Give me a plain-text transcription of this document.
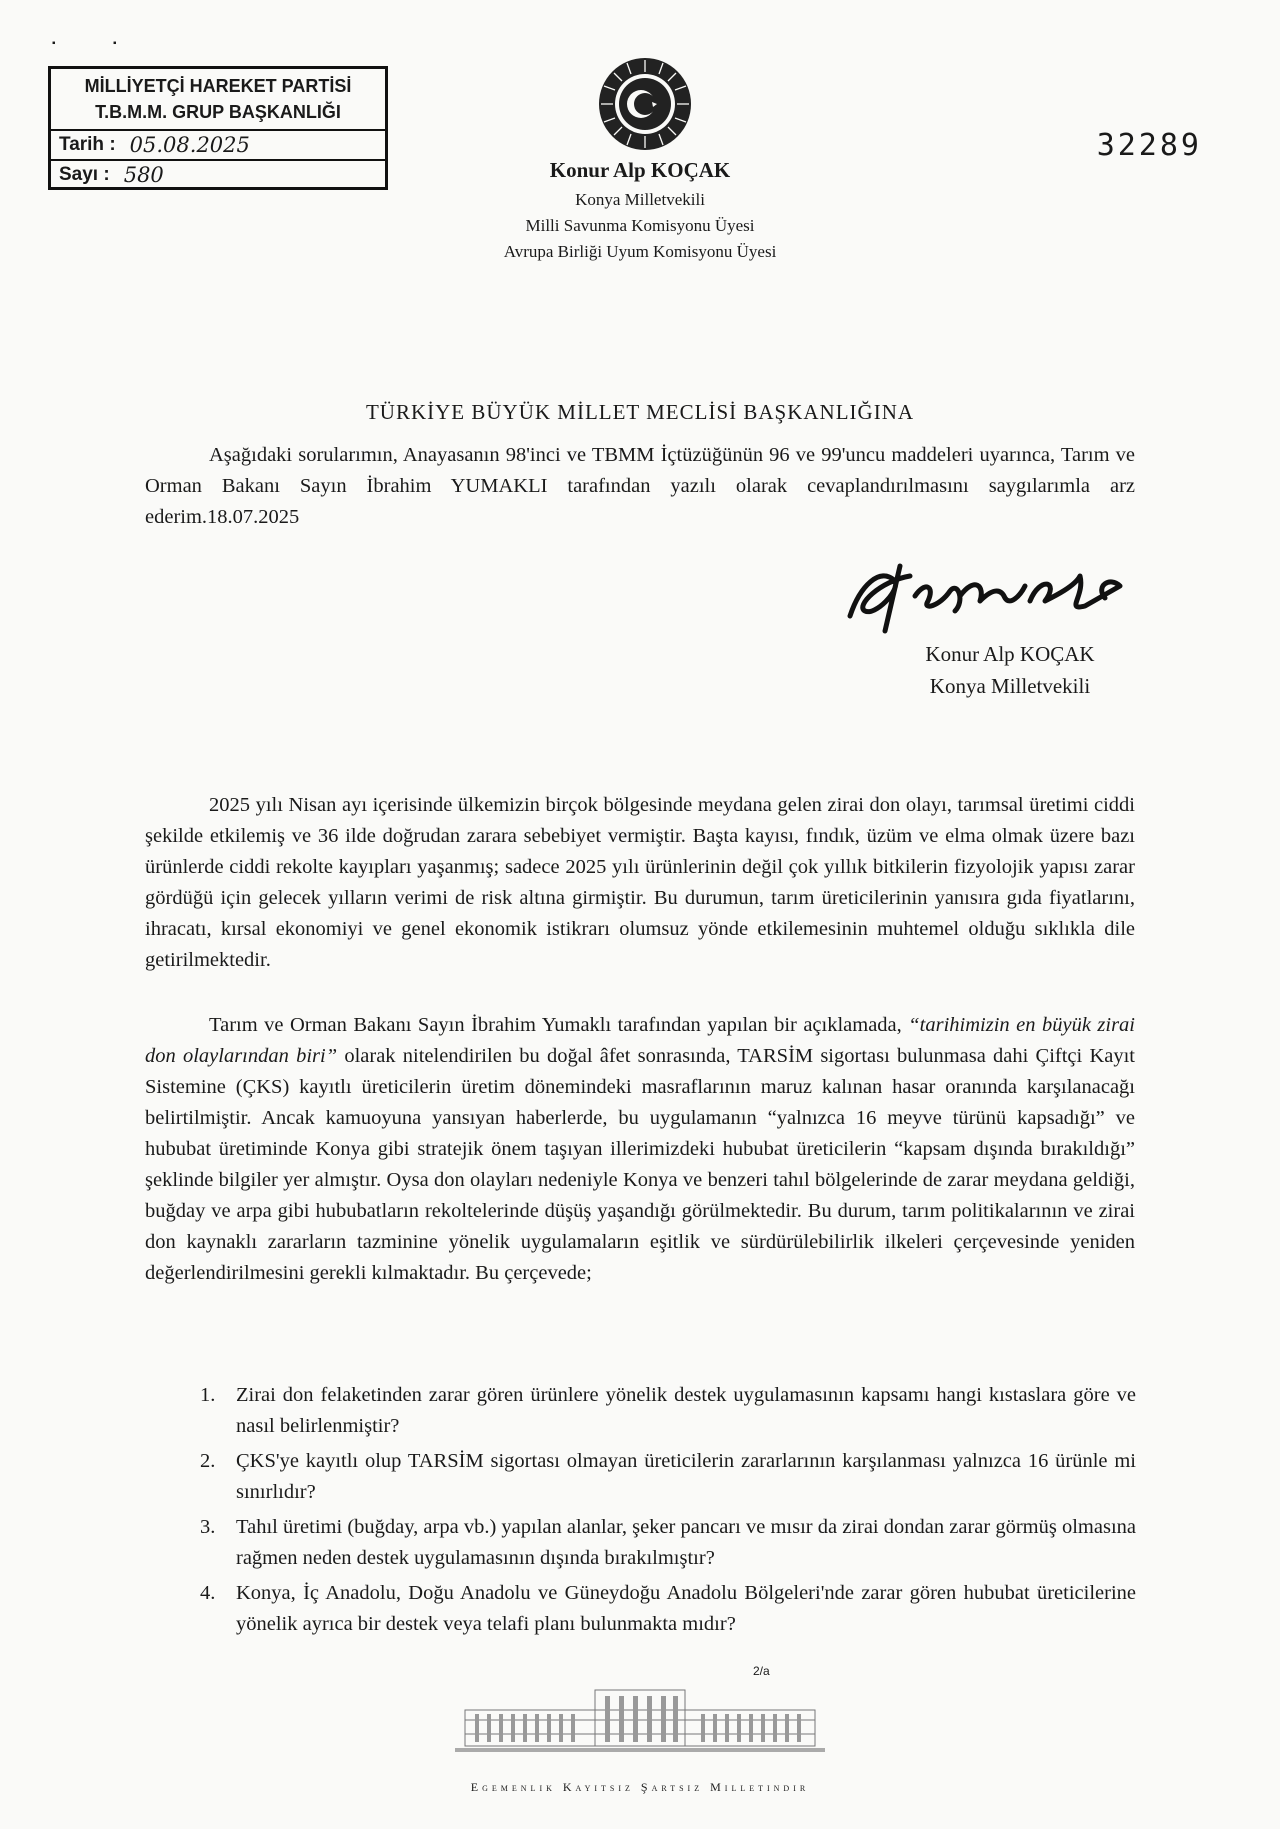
▪                       ▪
MİLLİYETÇİ HAREKET PARTİSİ
T.B.M.M. GRUP BAŞKANLIĞI
Tarih : 05.08.2025
Sayı : 580
32289
Konur Alp KOÇAK
Konya Milletvekili
Milli Savunma Komisyonu Üyesi
Avrupa Birliği Uyum Komisyonu Üyesi
TÜRKİYE BÜYÜK MİLLET MECLİSİ BAŞKANLIĞINA

Aşağıdaki sorularımın, Anayasanın 98'inci ve TBMM İçtüzüğünün 96 ve 99'uncu maddeleri uyarınca, Tarım ve Orman Bakanı Sayın İbrahim YUMAKLI tarafından yazılı olarak cevaplandırılmasını saygılarımla arz ederim.18.07.2025

Konur Alp KOÇAK
Konya Milletvekili

2025 yılı Nisan ayı içerisinde ülkemizin birçok bölgesinde meydana gelen zirai don olayı, tarımsal üretimi ciddi şekilde etkilemiş ve 36 ilde doğrudan zarara sebebiyet vermiştir. Başta kayısı, fındık, üzüm ve elma olmak üzere bazı ürünlerde ciddi rekolte kayıpları yaşanmış; sadece 2025 yılı ürünlerinin değil çok yıllık bitkilerin fizyolojik yapısı zarar gördüğü için gelecek yılların verimi de risk altına girmiştir. Bu durumun, tarım üreticilerinin yanısıra gıda fiyatlarını, ihracatı, kırsal ekonomiyi ve genel ekonomik istikrarı olumsuz yönde etkilemesinin muhtemel olduğu sıklıkla dile getirilmektedir.

Tarım ve Orman Bakanı Sayın İbrahim Yumaklı tarafından yapılan bir açıklamada, “tarihimizin en büyük zirai don olaylarından biri” olarak nitelendirilen bu doğal âfet sonrasında, TARSİM sigortası bulunmasa dahi Çiftçi Kayıt Sistemine (ÇKS) kayıtlı üreticilerin üretim dönemindeki masraflarının maruz kalınan hasar oranında karşılanacağı belirtilmiştir. Ancak kamuoyuna yansıyan haberlerde, bu uygulamanın “yalnızca 16 meyve türünü kapsadığı” ve hububat üretiminde Konya gibi stratejik önem taşıyan illerimizdeki hububat üreticilerin “kapsam dışında bırakıldığı” şeklinde bilgiler yer almıştır. Oysa don olayları nedeniyle Konya ve benzeri tahıl bölgelerinde de zarar meydana geldiği, buğday ve arpa gibi hububatların rekoltelerinde düşüş yaşandığı görülmektedir. Bu durum, tarım politikalarının ve zirai don kaynaklı zararların tazminine yönelik uygulamaların eşitlik ve sürdürülebilirlik ilkeleri çerçevesinde yeniden değerlendirilmesini gerekli kılmaktadır. Bu çerçevede;

1.	Zirai don felaketinden zarar gören ürünlere yönelik destek uygulamasının kapsamı hangi kıstaslara göre ve nasıl belirlenmiştir?
2.	ÇKS'ye kayıtlı olup TARSİM sigortası olmayan üreticilerin zararlarının karşılanması yalnızca 16 ürünle mi sınırlıdır?
3.	Tahıl üretimi (buğday, arpa vb.) yapılan alanlar, şeker pancarı ve mısır da zirai dondan zarar görmüş olmasına rağmen neden destek uygulamasının dışında bırakılmıştır?
4.	Konya, İç Anadolu, Doğu Anadolu ve Güneydoğu Anadolu Bölgeleri'nde zarar gören hububat üreticilerine yönelik ayrıca bir destek veya telafi planı bulunmakta mıdır?
2/a
Egemenlik Kayıtsız Şartsız Milletindir
